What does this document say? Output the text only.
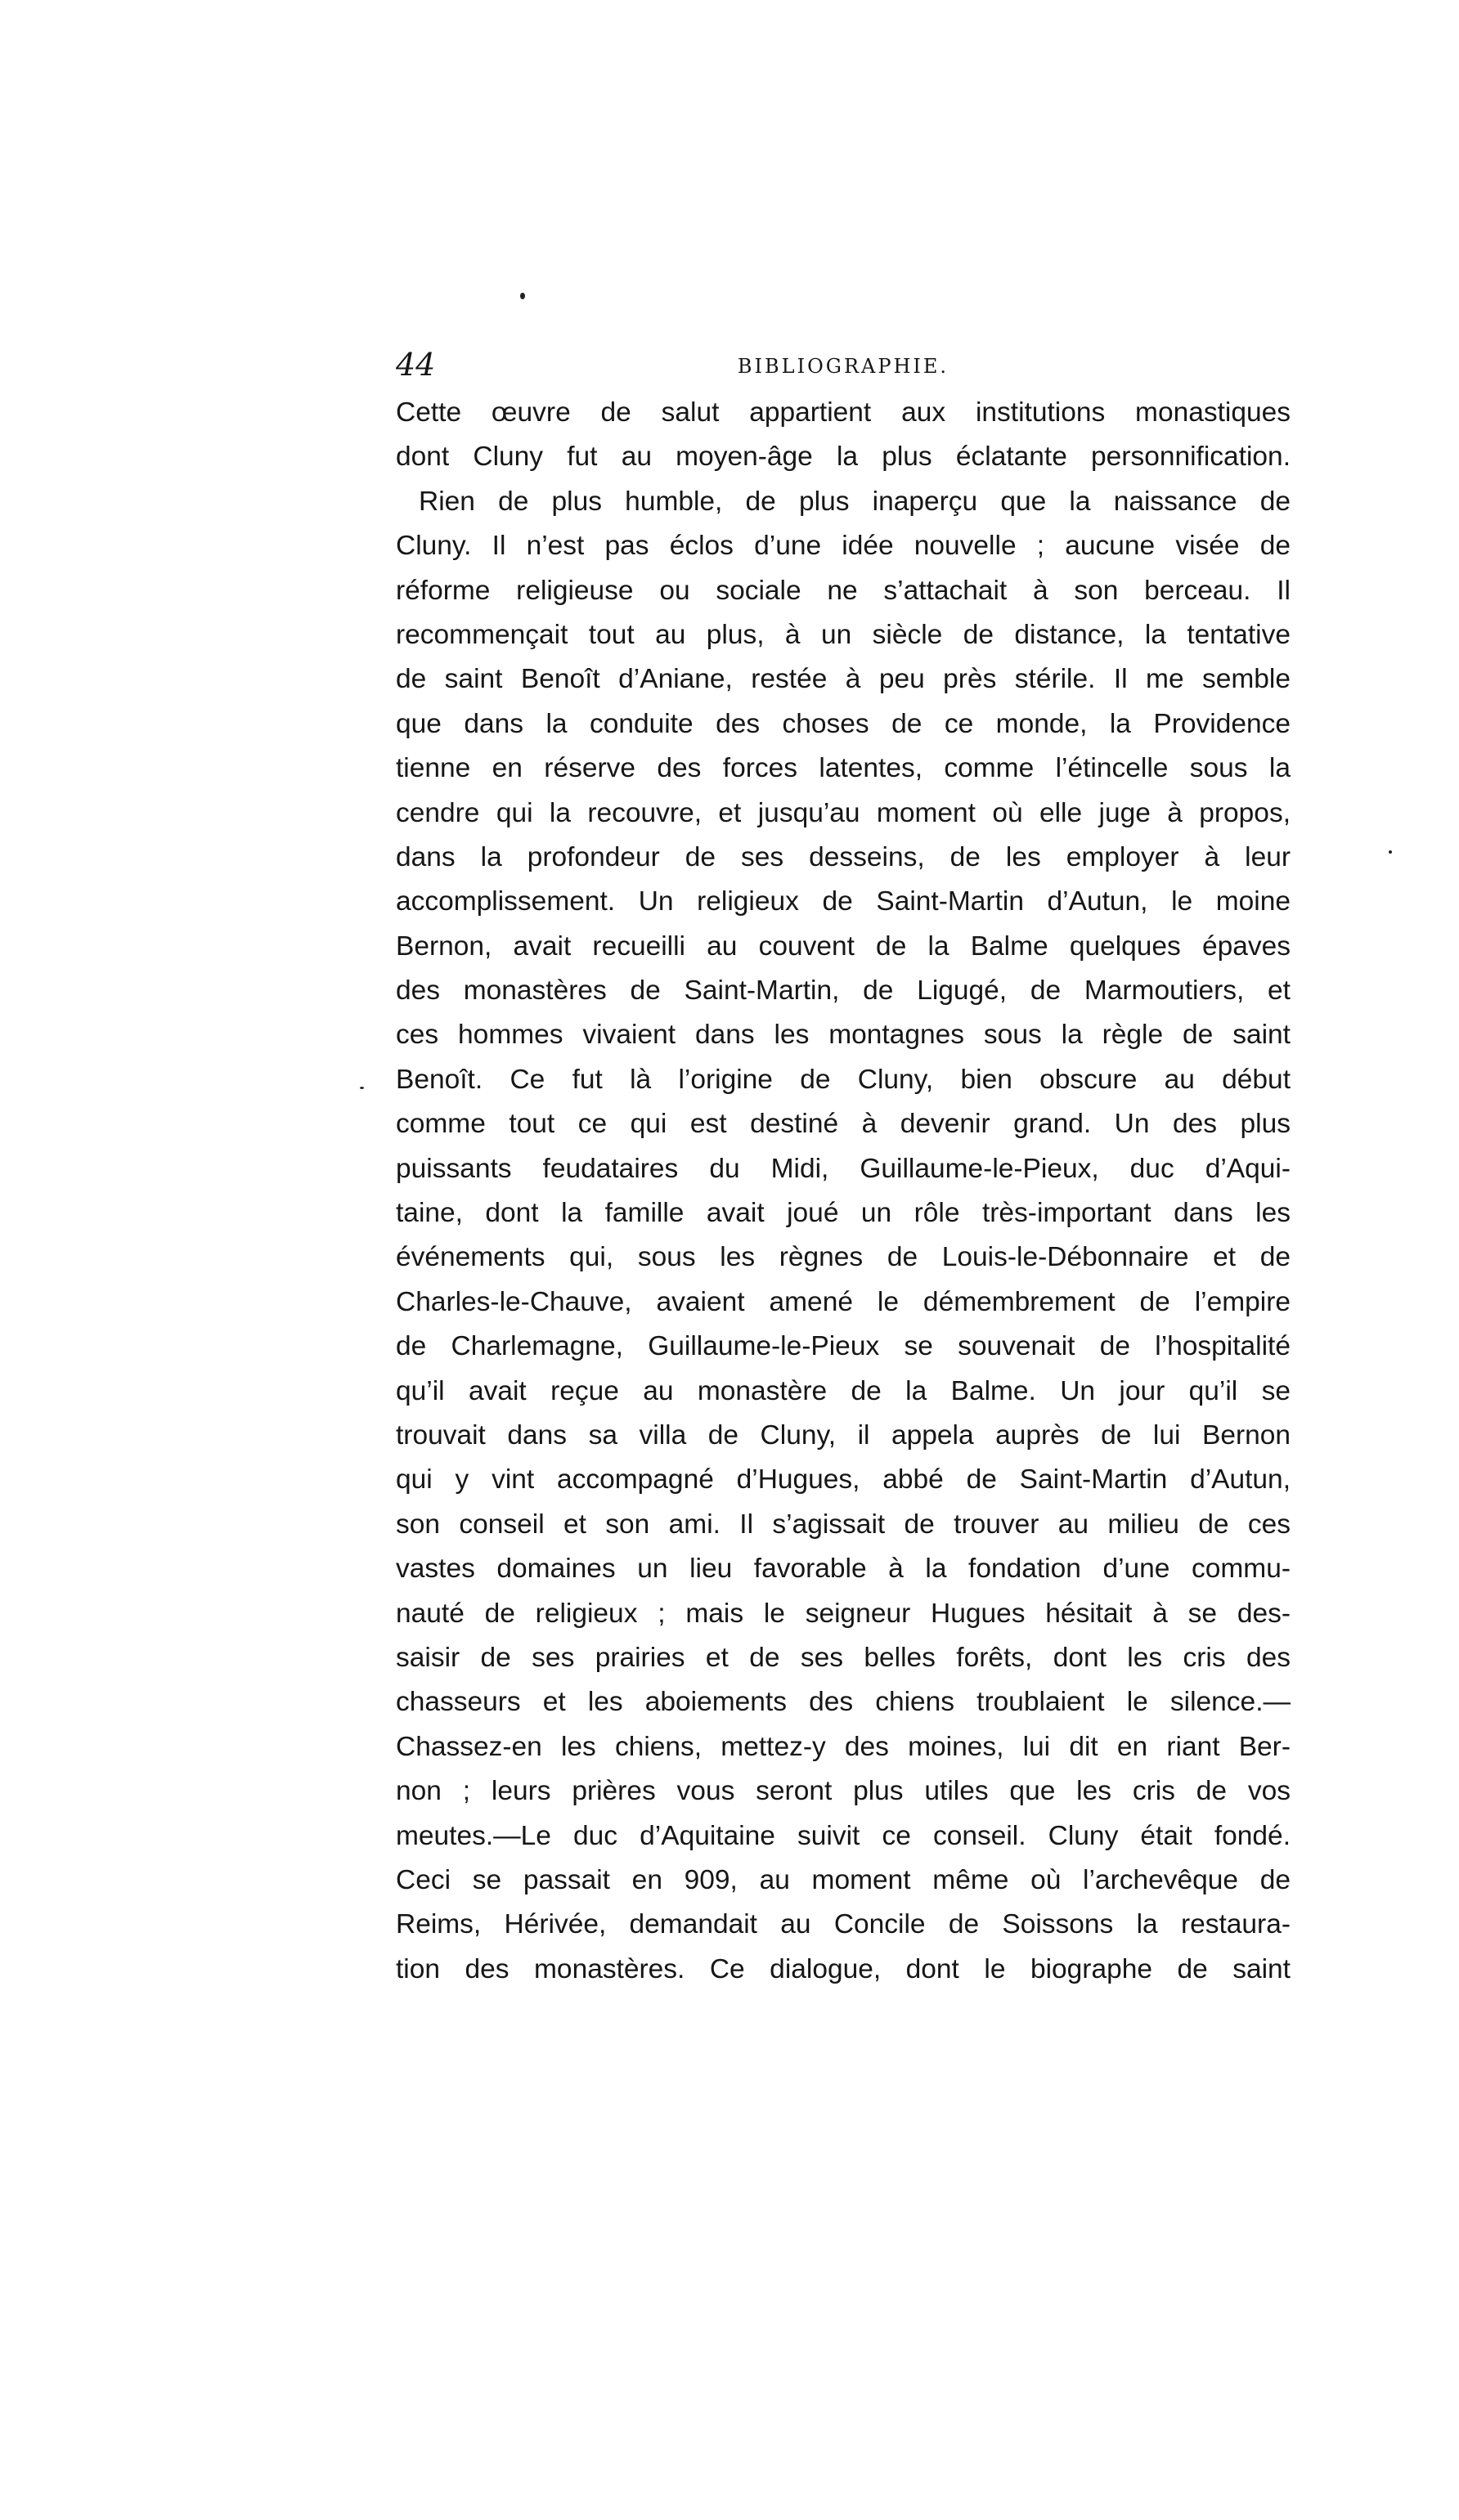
44	BIBLIOGRAPHIE.
Cette œuvre de salut appartient aux institutions monastiques
dont Cluny fut au moyen-âge la plus éclatante personnification.
Rien de plus humble, de plus inaperçu que la naissance de
Cluny. Il n’est pas éclos d’une idée nouvelle ; aucune visée de
réforme religieuse ou sociale ne s’attachait à son berceau. Il
recommençait tout au plus, à un siècle de distance, la tentative
de saint Benoît d’Aniane, restée à peu près stérile. Il me semble
que dans la conduite des choses de ce monde, la Providence
tienne en réserve des forces latentes, comme l’étincelle sous la
cendre qui la recouvre, et jusqu’au moment où elle juge à propos,
dans la profondeur de ses desseins, de les employer à leur
accomplissement. Un religieux de Saint-Martin d’Autun, le moine
Bernon, avait recueilli au couvent de la Balme quelques épaves
des monastères de Saint-Martin, de Ligugé, de Marmoutiers, et
ces hommes vivaient dans les montagnes sous la règle de saint
Benoît. Ce fut là l’origine de Cluny, bien obscure au début
comme tout ce qui est destiné à devenir grand. Un des plus
puissants feudataires du Midi, Guillaume-le-Pieux, duc d’Aqui-
taine, dont la famille avait joué un rôle très-important dans les
événements qui, sous les règnes de Louis-le-Débonnaire et de
Charles-le-Chauve, avaient amené le démembrement de l’empire
de Charlemagne, Guillaume-le-Pieux se souvenait de l’hospitalité
qu’il avait reçue au monastère de la Balme. Un jour qu’il se
trouvait dans sa villa de Cluny, il appela auprès de lui Bernon
qui y vint accompagné d’Hugues, abbé de Saint-Martin d’Autun,
son conseil et son ami. Il s’agissait de trouver au milieu de ces
vastes domaines un lieu favorable à la fondation d’une commu-
nauté de religieux ; mais le seigneur Hugues hésitait à se des-
saisir de ses prairies et de ses belles forêts, dont les cris des
chasseurs et les aboiements des chiens troublaient le silence.—
Chassez-en les chiens, mettez-y des moines, lui dit en riant Ber-
non ; leurs prières vous seront plus utiles que les cris de vos
meutes.—Le duc d’Aquitaine suivit ce conseil. Cluny était fondé.
Ceci se passait en 909, au moment même où l’archevêque de
Reims, Hérivée, demandait au Concile de Soissons la restaura-
tion des monastères. Ce dialogue, dont le biographe de saint
